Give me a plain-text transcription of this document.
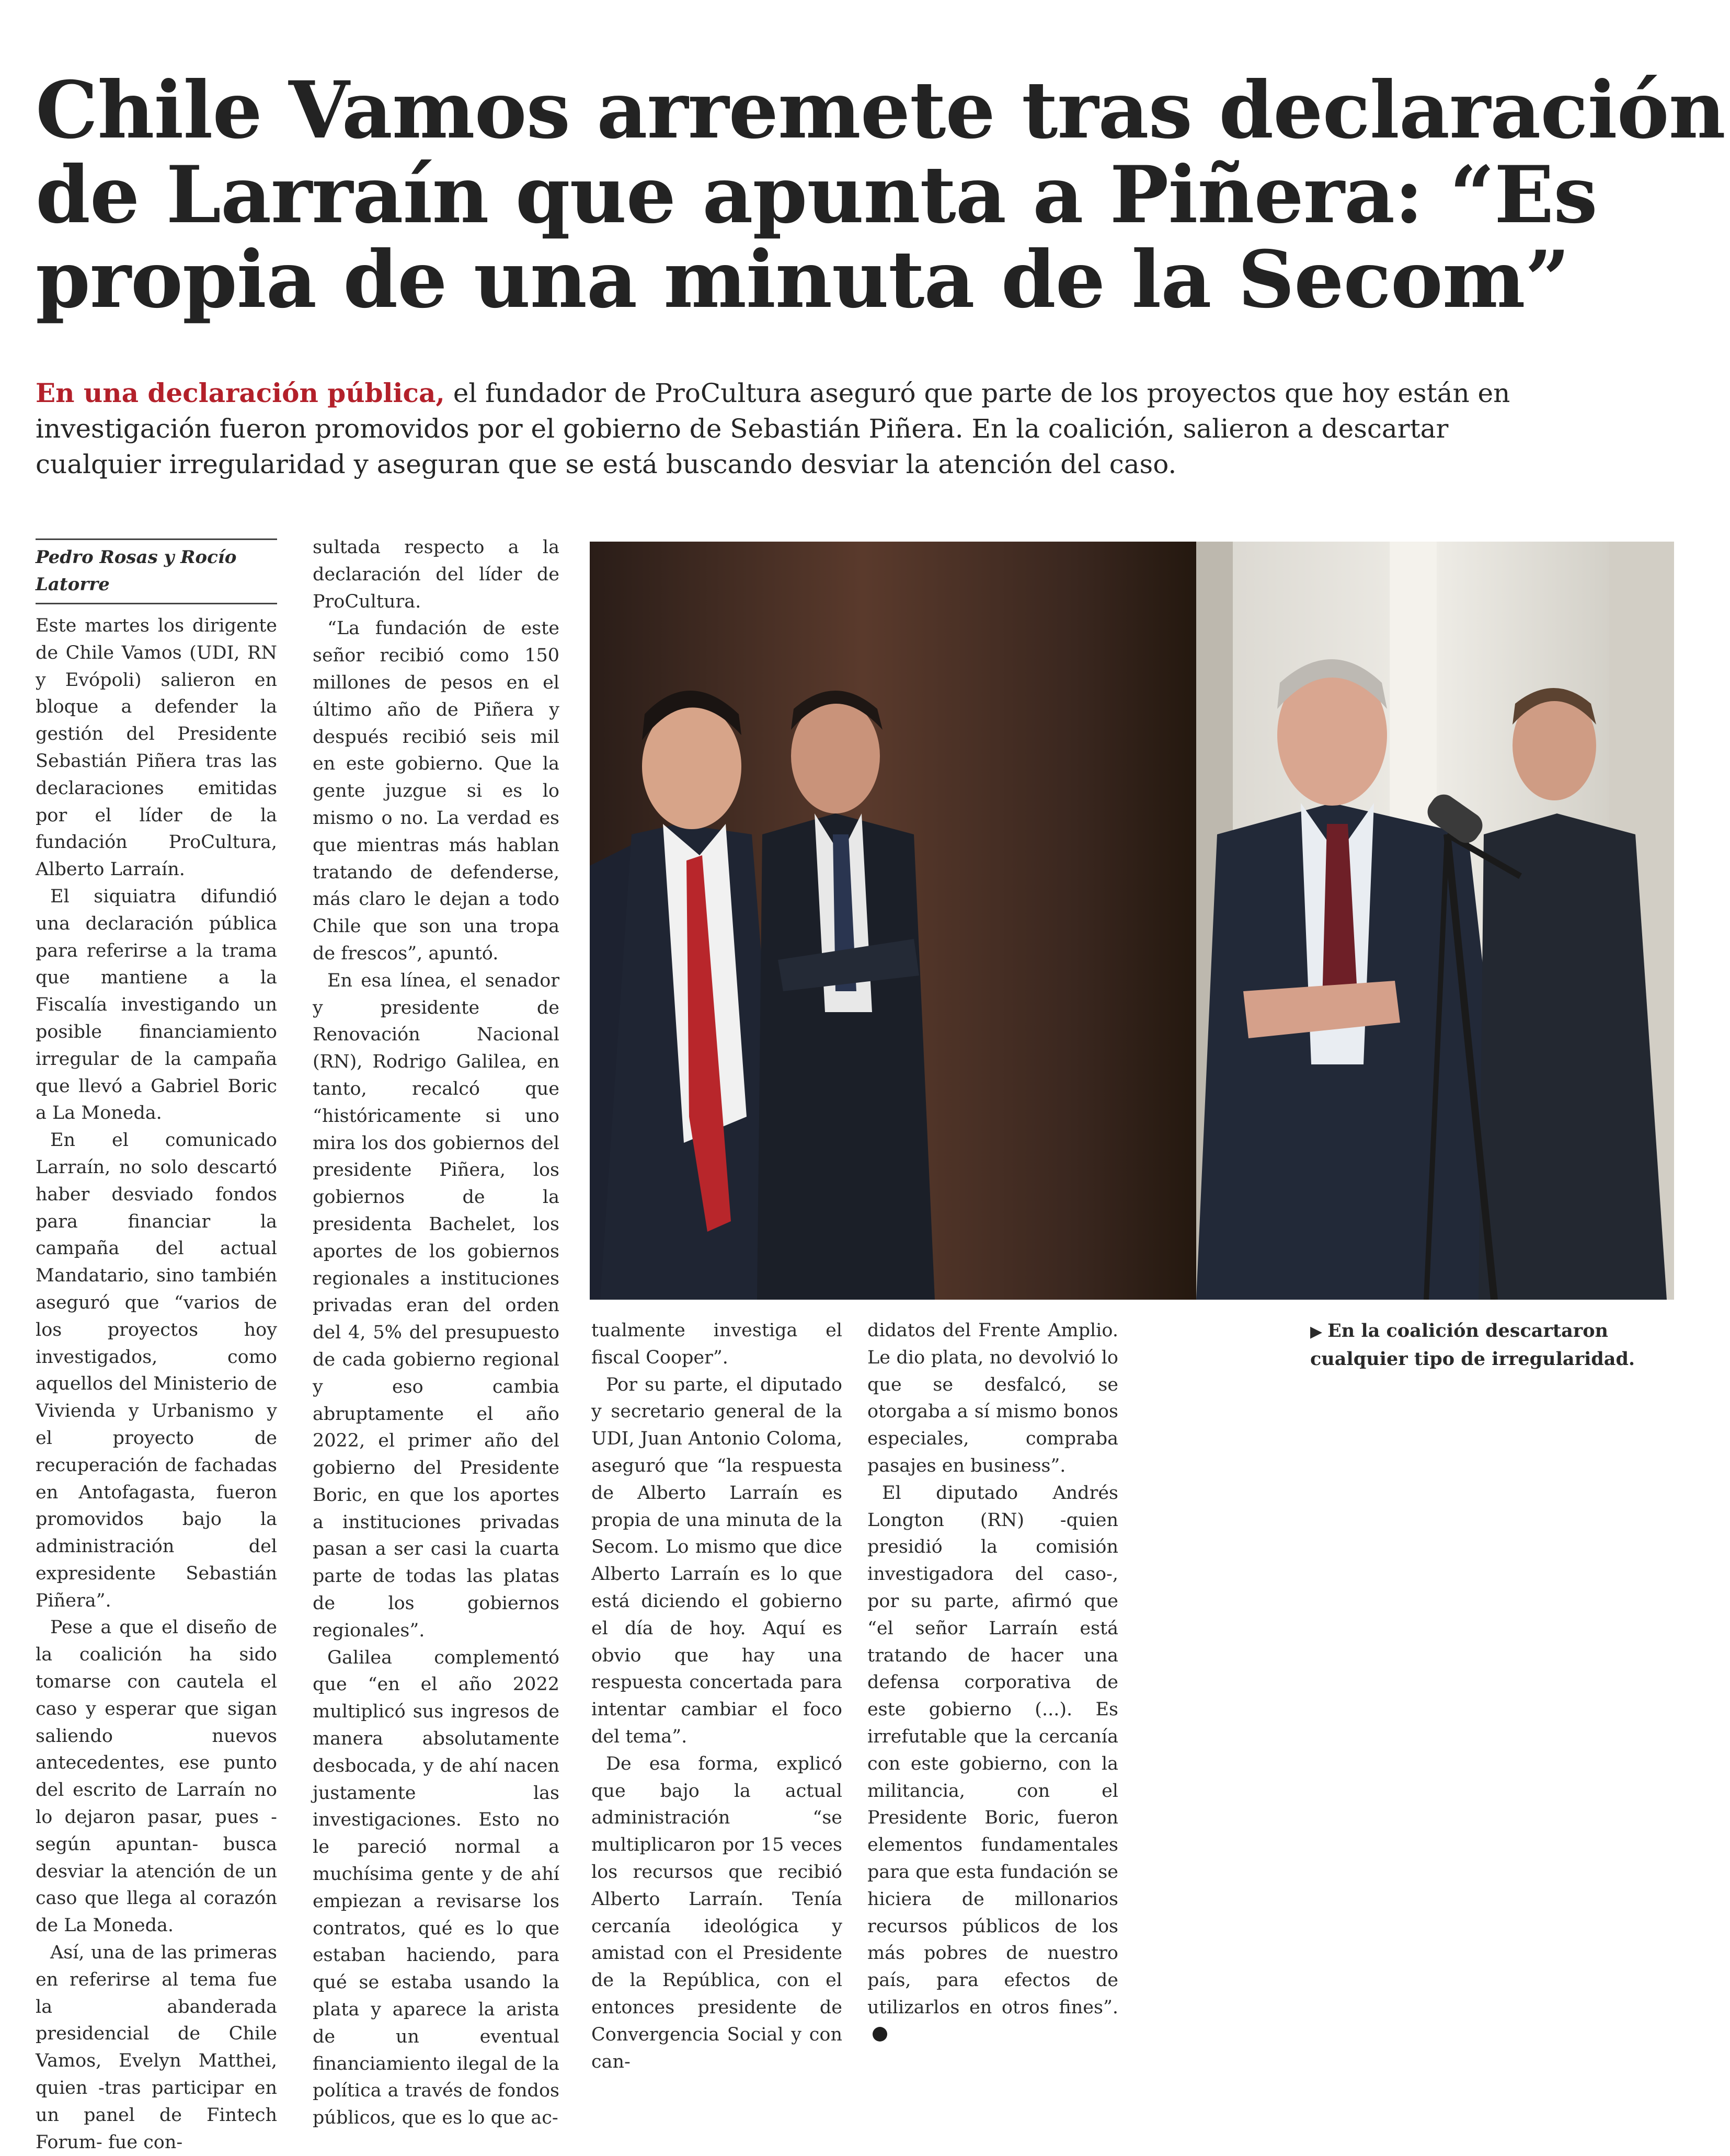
Chile Vamos arremete tras declaración
de Larraín que apunta a Piñera: “Es
propia de una minuta de la Secom”

En una declaración pública, el fundador de ProCultura aseguró que parte de los proyectos que hoy están en
investigación fueron promovidos por el gobierno de Sebastián Piñera. En la coalición, salieron a descartar
cualquier irregularidad y aseguran que se está buscando desviar la atención del caso.

Pedro Rosas y Rocío Latorre

Este martes los dirigente de Chile Vamos (UDI, RN y Evópoli) salieron en bloque a defender la gestión del Presidente Sebastián Piñera tras las declaraciones emitidas por el líder de la fundación ProCultura, Alberto Larraín.

El siquiatra difundió una declaración pública para referirse a la trama que mantiene a la Fiscalía investigando un posible financiamiento irregular de la campaña que llevó a Gabriel Boric a La Moneda.

En el comunicado Larraín, no solo descartó haber desviado fondos para financiar la campaña del actual Mandatario, sino también aseguró que “varios de los proyectos hoy investigados, como aquellos del Ministerio de Vivienda y Urbanismo y el proyecto de recuperación de fachadas en Antofagasta, fueron promovidos bajo la administración del expresidente Sebastián Piñera”.

Pese a que el diseño de la coalición ha sido tomarse con cautela el caso y esperar que sigan saliendo nuevos antecedentes, ese punto del escrito de Larraín no lo dejaron pasar, pues -según apuntan- busca desviar la atención de un caso que llega al corazón de La Moneda.

Así, una de las primeras en referirse al tema fue la abanderada presidencial de Chile Vamos, Evelyn Matthei, quien -tras participar en un panel de Fintech Forum- fue con-

sultada respecto a la declaración del líder de ProCultura.

“La fundación de este señor recibió como 150 millones de pesos en el último año de Piñera y después recibió seis mil en este gobierno. Que la gente juzgue si es lo mismo o no. La verdad es que mientras más hablan tratando de defenderse, más claro le dejan a todo Chile que son una tropa de frescos”, apuntó.

En esa línea, el senador y presidente de Renovación Nacional (RN), Rodrigo Galilea, en tanto, recalcó que “históricamente si uno mira los dos gobiernos del presidente Piñera, los gobiernos de la presidenta Bachelet, los aportes de los gobiernos regionales a instituciones privadas eran del orden del 4, 5% del presupuesto de cada gobierno regional y eso cambia abruptamente el año 2022, el primer año del gobierno del Presidente Boric, en que los aportes a instituciones privadas pasan a ser casi la cuarta parte de todas las platas de los gobiernos regionales”.

Galilea complementó que “en el año 2022 multiplicó sus ingresos de manera absolutamente desbocada, y de ahí nacen justamente las investigaciones. Esto no le pareció normal a muchísima gente y de ahí empiezan a revisarse los contratos, qué es lo que estaban haciendo, para qué se estaba usando la plata y aparece la arista de un eventual financiamiento ilegal de la política a través de fondos públicos, que es lo que ac-

tualmente investiga el fiscal Cooper”.

Por su parte, el diputado y secretario general de la UDI, Juan Antonio Coloma, aseguró que “la respuesta de Alberto Larraín es propia de una minuta de la Secom. Lo mismo que dice Alberto Larraín es lo que está diciendo el gobierno el día de hoy. Aquí es obvio que hay una respuesta concertada para intentar cambiar el foco del tema”.

De esa forma, explicó que bajo la actual administración “se multiplicaron por 15 veces los recursos que recibió Alberto Larraín. Tenía cercanía ideológica y amistad con el Presidente de la República, con el entonces presidente de Convergencia Social y con can-

didatos del Frente Amplio. Le dio plata, no devolvió lo que se desfalcó, se otorgaba a sí mismo bonos especiales, compraba pasajes en business”.

El diputado Andrés Longton (RN) -quien presidió la comisión investigadora del caso-, por su parte, afirmó que “el señor Larraín está tratando de hacer una defensa corporativa de este gobierno (...). Es irrefutable que la cercanía con este gobierno, con la militancia, con el Presidente Boric, fueron elementos fundamentales para que esta fundación se hiciera de millonarios recursos públicos de los más pobres de nuestro país, para efectos de utilizarlos en otros fines”.

▶ En la coalición descartaron cualquier tipo de irregularidad.
